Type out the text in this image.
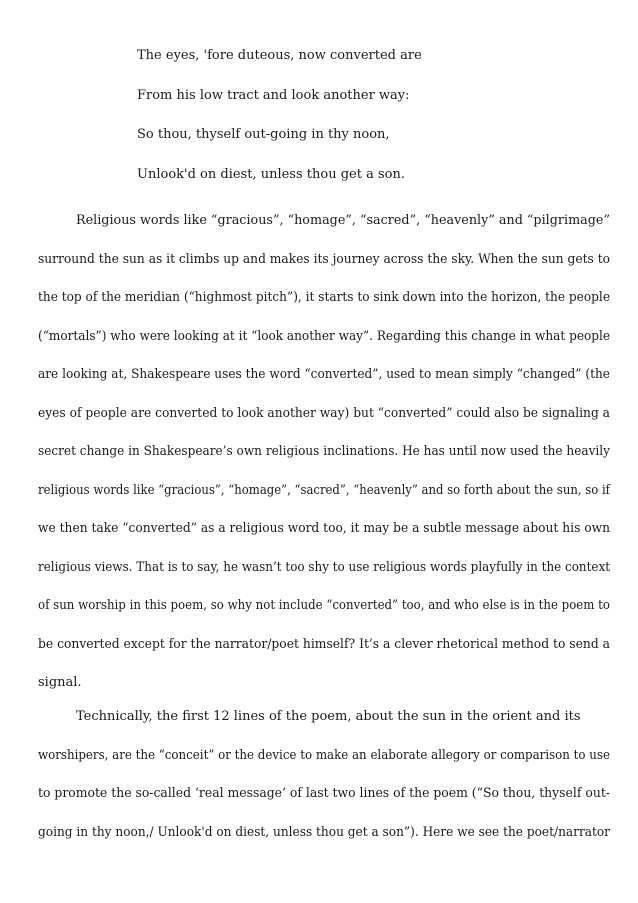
The eyes, 'fore duteous, now converted are From his low tract and look another way: So thou, thyself out-going in thy noon, Unlook'd on diest, unless thou get a son.
Religious words like “gracious”, “homage”, “sacred”, “heavenly” and “pilgrimage”
surround the sun as it climbs up and makes its journey across the sky. When the sun gets to
the top of the meridian (“highmost pitch”), it starts to sink down into the horizon, the people
(“mortals”) who were looking at it “look another way”. Regarding this change in what people
are looking at, Shakespeare uses the word “converted”, used to mean simply “changed” (the
eyes of people are converted to look another way) but “converted” could also be signaling a
secret change in Shakespeare’s own religious inclinations. He has until now used the heavily
religious words like “gracious”, “homage”, “sacred”, “heavenly” and so forth about the sun, so if
we then take “converted” as a religious word too, it may be a subtle message about his own
religious views. That is to say, he wasn’t too shy to use religious words playfully in the context
of sun worship in this poem, so why not include “converted” too, and who else is in the poem to
be converted except for the narrator/poet himself? It’s a clever rhetorical method to send a
signal.
Technically, the first 12 lines of the poem, about the sun in the orient and its
worshipers, are the “conceit” or the device to make an elaborate allegory or comparison to use
to promote the so-called ‘real message’ of last two lines of the poem (“So thou, thyself out-
going in thy noon,/ Unlook'd on diest, unless thou get a son”). Here we see the poet/narrator
